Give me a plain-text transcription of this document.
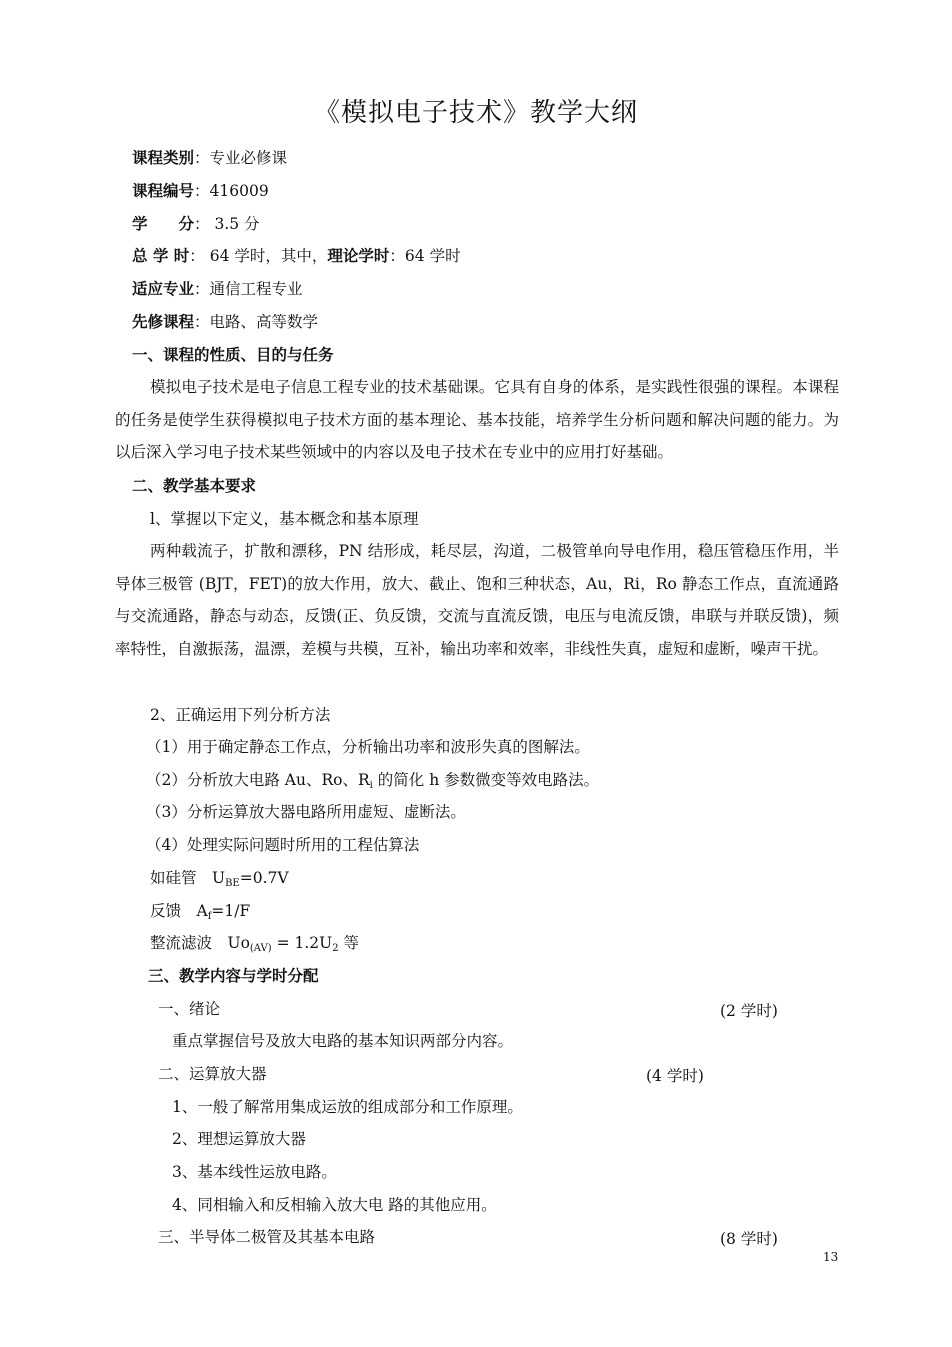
《模拟电子技术》教学大纲
课程类别：专业必修课
课程编号：416009
学　　分： 3.5 分
总 学 时： 64 学时，其中，理论学时：64 学时
适应专业：通信工程专业
先修课程：电路、高等数学
一、课程的性质、目的与任务
模拟电子技术是电子信息工程专业的技术基础课。它具有自身的体系，是实践性很强的课程。本课程的任务是使学生获得模拟电子技术方面的基本理论、基本技能，培养学生分析问题和解决问题的能力。为以后深入学习电子技术某些领域中的内容以及电子技术在专业中的应用打好基础。
二、教学基本要求
l、掌握以下定义，基本概念和基本原理
两种载流子，扩散和漂移，PN 结形成，耗尽层，沟道，二极管单向导电作用，稳压管稳压作用，半导体三极管 (BJT，FET)的放大作用，放大、截止、饱和三种状态，Au，Ri，Ro 静态工作点，直流通路与交流通路，静态与动态，反馈(正、负反馈，交流与直流反馈，电压与电流反馈，串联与并联反馈)，频率特性，自激振荡，温漂，差模与共模，互补，输出功率和效率，非线性失真，虚短和虚断，噪声干扰。
2、正确运用下列分析方法
（1）用于确定静态工作点，分析输出功率和波形失真的图解法。
（2）分析放大电路 Au、Ro、$R_i$ 的简化 h 参数微变等效电路法。
（3）分析运算放大器电路所用虚短、虚断法。
（4）处理实际问题时所用的工程估算法
如硅管　$U_{BE}=0.7V$
反馈　$A_f=1/F$
整流滤波　$Uo_{(AV)} = 1.2U_2$ 等
三、教学内容与学时分配
一、绪论	(2 学时)
重点掌握信号及放大电路的基本知识两部分内容。
二、运算放大器	(4 学时)
1、一般了解常用集成运放的组成部分和工作原理。
2、理想运算放大器
3、基本线性运放电路。
4、同相输入和反相输入放大电 路的其他应用。
三、半导体二极管及其基本电路	(8 学时)
13
